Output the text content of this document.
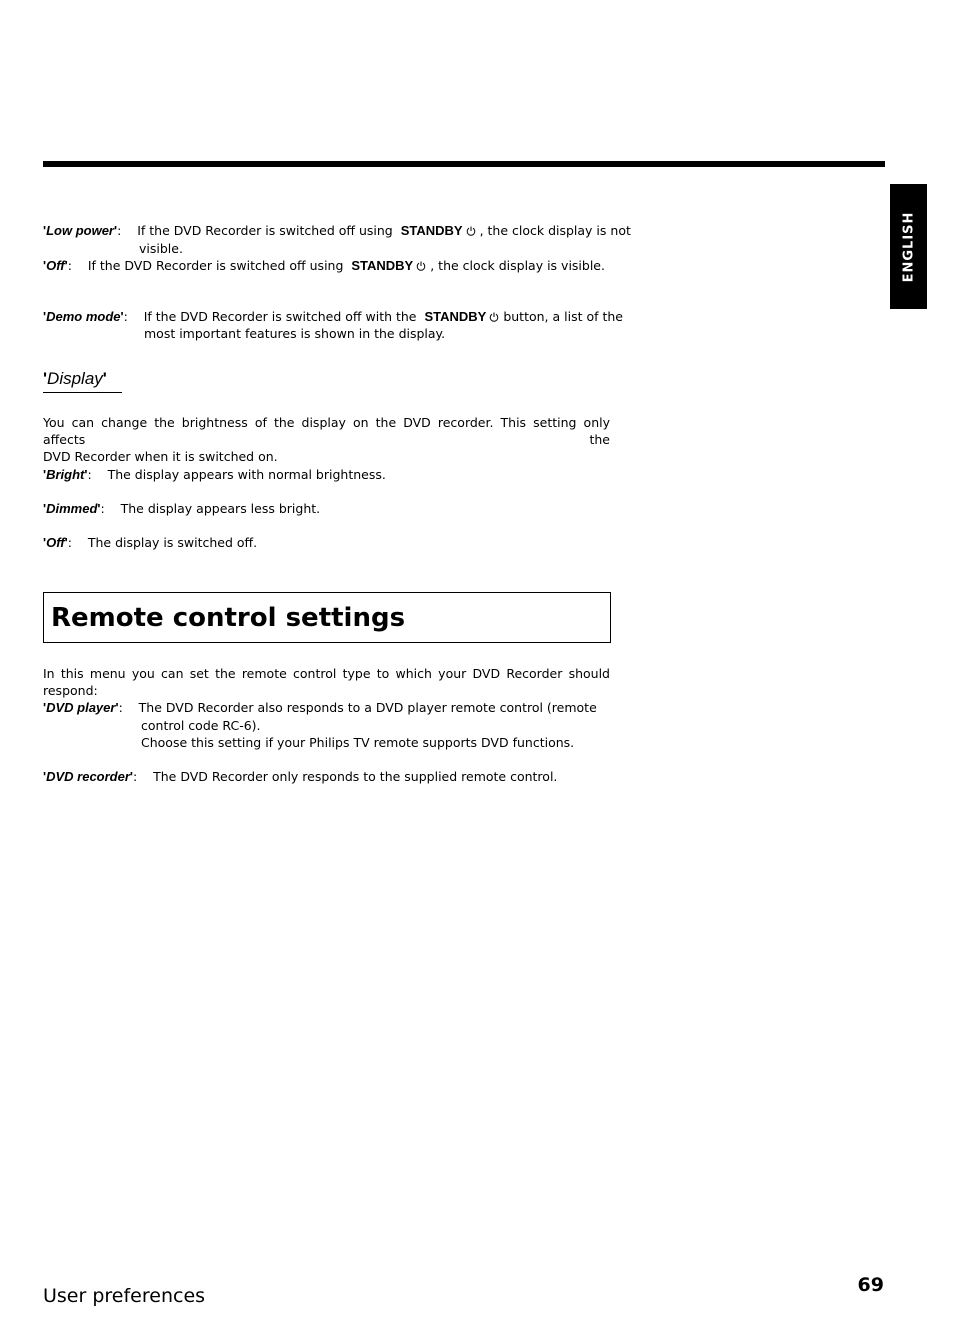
ENGLISH
'Low power':    If the DVD Recorder is switched off using STANDBY , the clock display is not
visible.
'Off':    If the DVD Recorder is switched off using STANDBY , the clock display is visible.
'Demo mode':    If the DVD Recorder is switched off with the STANDBY button, a list of the
most important features is shown in the display.
'Display'
You can change the brightness of the display on the DVD recorder. This setting only affects the
DVD Recorder when it is switched on.
'Bright':    The display appears with normal brightness.
'Dimmed':    The display appears less bright.
'Off':    The display is switched off.
Remote control settings
In this menu you can set the remote control type to which your DVD Recorder should respond:
'DVD player':    The DVD Recorder also responds to a DVD player remote control (remote
control code RC-6).
Choose this setting if your Philips TV remote supports DVD functions.
'DVD recorder':    The DVD Recorder only responds to the supplied remote control.
User preferences	69
